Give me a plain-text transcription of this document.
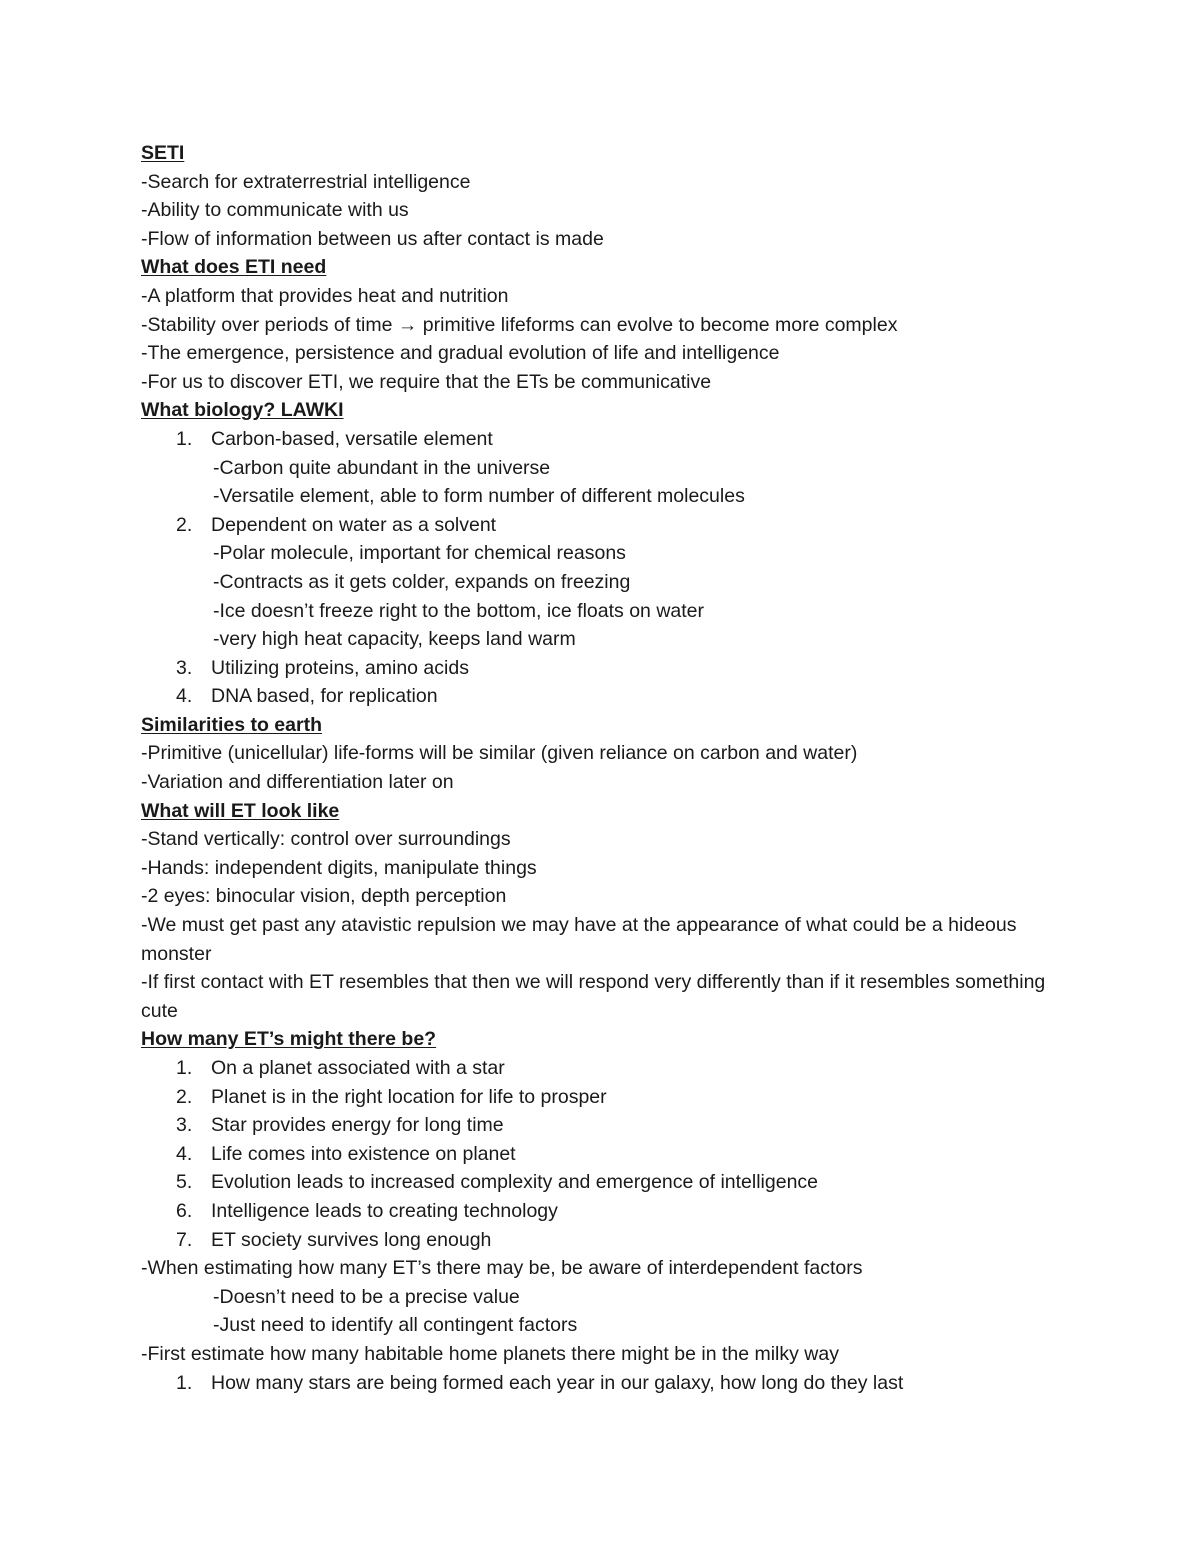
SETI
-Search for extraterrestrial intelligence
-Ability to communicate with us
-Flow of information between us after contact is made
What does ETI need
-A platform that provides heat and nutrition
-Stability over periods of time → primitive lifeforms can evolve to become more complex
-The emergence, persistence and gradual evolution of life and intelligence
-For us to discover ETI, we require that the ETs be communicative
What biology? LAWKI
1. Carbon-based, versatile element
-Carbon quite abundant in the universe
-Versatile element, able to form number of different molecules
2. Dependent on water as a solvent
-Polar molecule, important for chemical reasons
-Contracts as it gets colder, expands on freezing
-Ice doesn’t freeze right to the bottom, ice floats on water
-very high heat capacity, keeps land warm
3. Utilizing proteins, amino acids
4. DNA based, for replication
Similarities to earth
-Primitive (unicellular) life-forms will be similar (given reliance on carbon and water)
-Variation and differentiation later on
What will ET look like
-Stand vertically: control over surroundings
-Hands: independent digits, manipulate things
-2 eyes: binocular vision, depth perception
-We must get past any atavistic repulsion we may have at the appearance of what could be a hideous monster
-If first contact with ET resembles that then we will respond very differently than if it resembles something cute
How many ET’s might there be?
1. On a planet associated with a star
2. Planet is in the right location for life to prosper
3. Star provides energy for long time
4. Life comes into existence on planet
5. Evolution leads to increased complexity and emergence of intelligence
6. Intelligence leads to creating technology
7. ET society survives long enough
-When estimating how many ET’s there may be, be aware of interdependent factors
-Doesn’t need to be a precise value
-Just need to identify all contingent factors
-First estimate how many habitable home planets there might be in the milky way
1. How many stars are being formed each year in our galaxy, how long do they last
